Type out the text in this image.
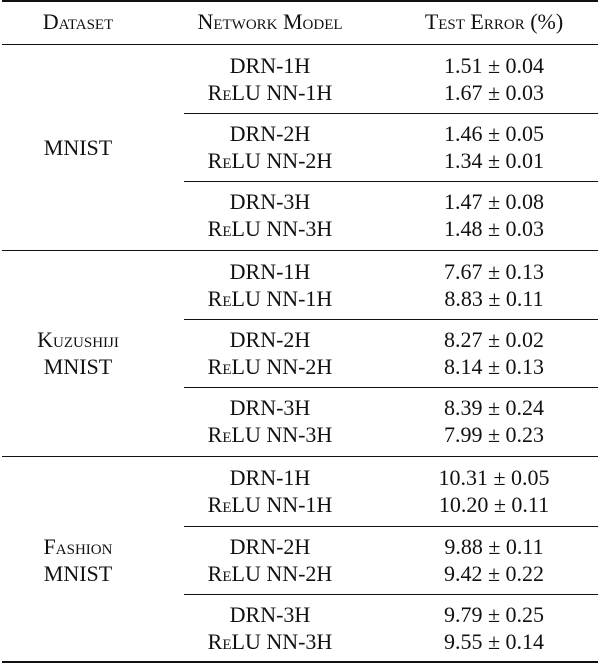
Dataset	Network Model	Test Error (%)
MNIST
DRN-1H	1.51 ± 0.04
ReLU NN-1H	1.67 ± 0.03
DRN-2H	1.46 ± 0.05
ReLU NN-2H	1.34 ± 0.01
DRN-3H	1.47 ± 0.08
ReLU NN-3H	1.48 ± 0.03
Kuzushiji
MNIST
DRN-1H	7.67 ± 0.13
ReLU NN-1H	8.83 ± 0.11
DRN-2H	8.27 ± 0.02
ReLU NN-2H	8.14 ± 0.13
DRN-3H	8.39 ± 0.24
ReLU NN-3H	7.99 ± 0.23
Fashion
MNIST
DRN-1H	10.31 ± 0.05
ReLU NN-1H	10.20 ± 0.11
DRN-2H	9.88 ± 0.11
ReLU NN-2H	9.42 ± 0.22
DRN-3H	9.79 ± 0.25
ReLU NN-3H	9.55 ± 0.14
